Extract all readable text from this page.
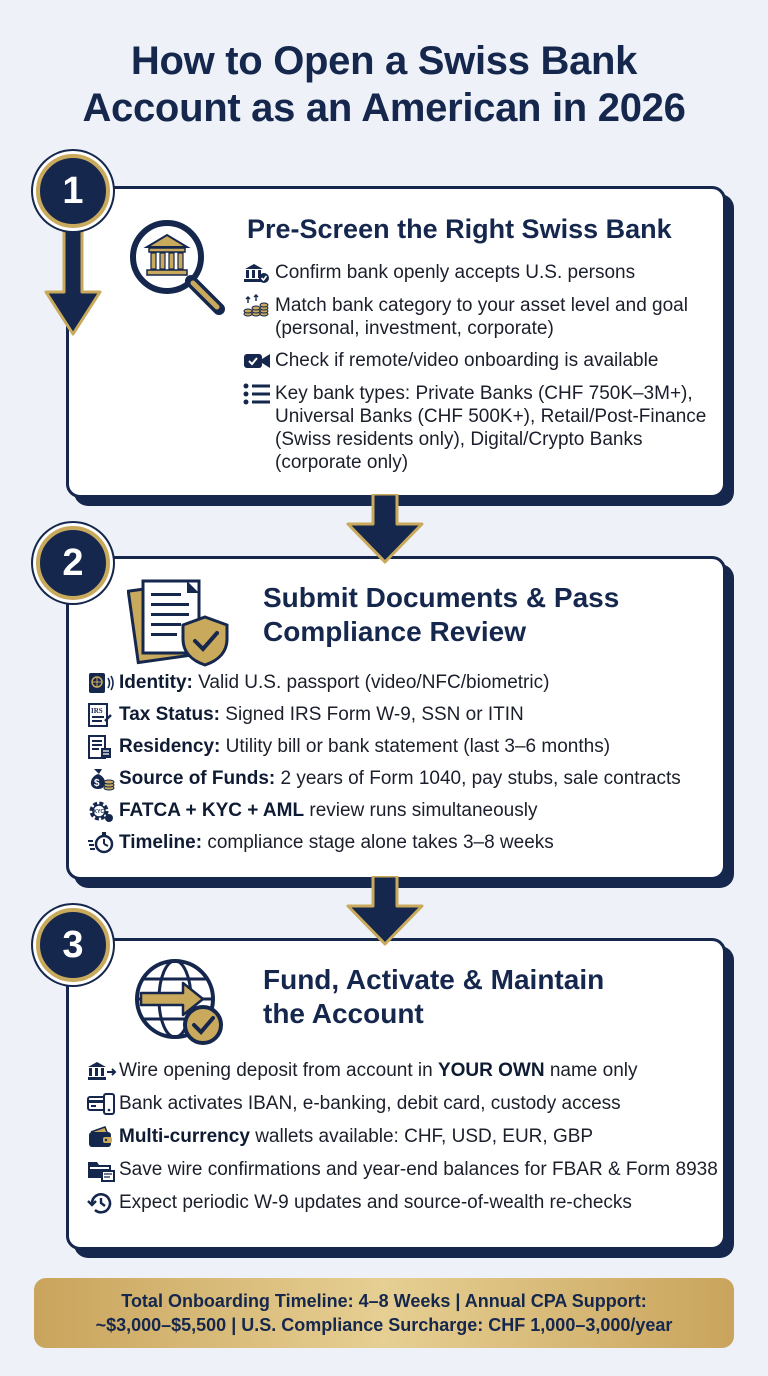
How to Open a Swiss Bank
Account as an American in 2026
Pre-Screen the Right Swiss Bank
Confirm bank openly accepts U.S. persons
Match bank category to your asset level and goal (personal, investment, corporate)
Check if remote/video onboarding is available
Key bank types: Private Banks (CHF 750K–3M+), Universal Banks (CHF 500K+), Retail/Post-Finance (Swiss residents only), Digital/Crypto Banks (corporate only)
1
Submit Documents & Pass
Compliance Review
Identity: Valid U.S. passport (video/NFC/biometric)
IRS Tax Status: Signed IRS Form W-9, SSN or ITIN
Residency: Utility bill or bank statement (last 3–6 months)
$ Source of Funds: 2 years of Form 1040, pay stubs, sale contracts
KYC FATCA + KYC + AML review runs simultaneously
Timeline: compliance stage alone takes 3–8 weeks
2
Fund, Activate & Maintain
the Account
Wire opening deposit from account in YOUR OWN name only
Bank activates IBAN, e-banking, debit card, custody access
Multi-currency wallets available: CHF, USD, EUR, GBP
Save wire confirmations and year-end balances for FBAR & Form 8938
Expect periodic W-9 updates and source-of-wealth re-checks
3
Total Onboarding Timeline: 4–8 Weeks | Annual CPA Support:
~$3,000–$5,500 | U.S. Compliance Surcharge: CHF 1,000–3,000/year
